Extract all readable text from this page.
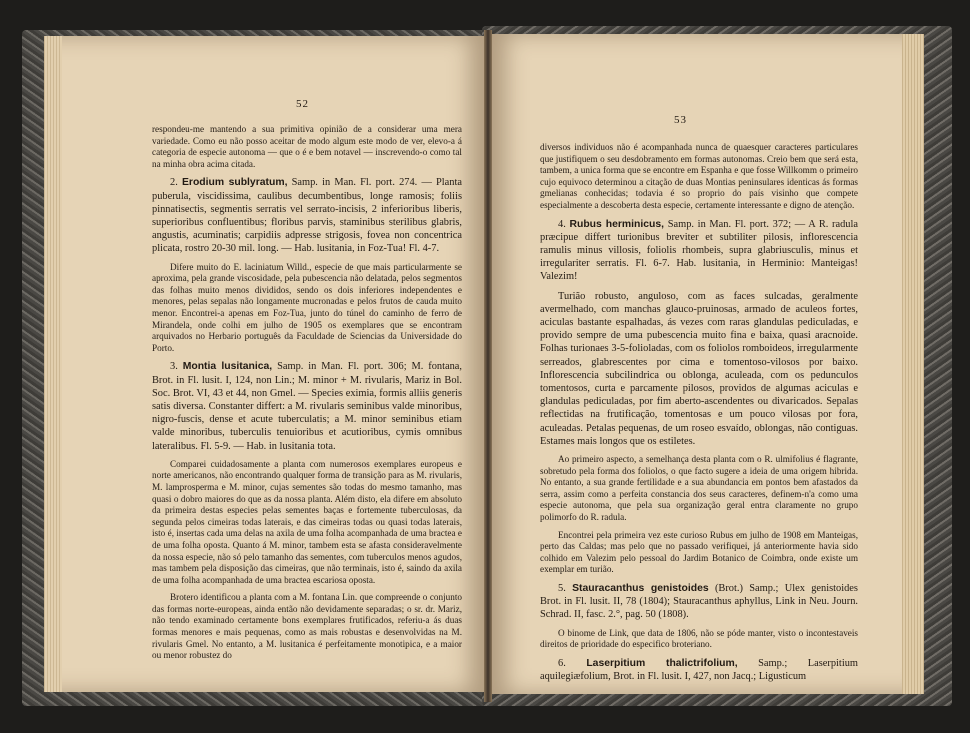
52

respondeu-me mantendo a sua primitiva opinião de a considerar uma mera variedade. Como eu não posso aceitar de modo algum este modo de ver, elevo-a á categoria de especie autonoma — que o é e bem notavel — inscrevendo-o como tal na minha obra acima citada.

2. Erodium sublyratum, Samp. in Man. Fl. port. 274. — Planta puberula, viscidissima, caulibus decumbentibus, longe ramosis; foliis pinnatisectis, segmentis serratis vel serrato-incisis, 2 inferioribus liberis, superioribus confluentibus; floribus parvis, staminibus sterilibus glabris, angustis, acuminatis; carpidiis adpresse strigosis, fovea non concentrica plicata, rostro 20-30 mil. long. — Hab. lusitania, in Foz-Tua! Fl. 4-7.

Difere muito do E. laciniatum Willd., especie de que mais particularmente se aproxima, pela grande viscosidade, pela pubescencia não delatada, pelos segmentos das folhas muito menos divididos, sendo os dois inferiores independentes e menores, pelas sepalas não longamente mucronadas e pelos frutos de cauda muito menor. Encontrei-a apenas em Foz-Tua, junto do túnel do caminho de ferro de Mirandela, onde colhi em julho de 1905 os exemplares que se encontram arquivados no Herbario português da Faculdade de Sciencias da Universidade do Porto.

3. Montia lusitanica, Samp. in Man. Fl. port. 306; M. fontana, Brot. in Fl. lusit. I, 124, non Lin.; M. minor + M. rivularis, Mariz in Bol. Soc. Brot. VI, 43 et 44, non Gmel. — Species eximia, formis alliis generis satis diversa. Constanter differt: a M. rivularis seminibus valde minoribus, nigro-fuscis, dense et acute tuberculatis; a M. minor seminibus etiam valde minoribus, tuberculis tenuioribus et acutioribus, cymis omnibus lateralibus. Fl. 5-9. — Hab. in lusitania tota.

Comparei cuidadosamente a planta com numerosos exemplares europeus e norte americanos, não encontrando qualquer forma de transição para as M. rivularis, M. lamprosperma e M. minor, cujas sementes são todas do mesmo tamanho, mas quasi o dobro maiores do que as da nossa planta. Além disto, ela difere em absoluto da primeira destas especies pelas sementes baças e fortemente tuberculosas, da segunda pelos cimeiras todas laterais, e das cimeiras todas ou quasi todas laterais, isto é, insertas cada uma delas na axila de uma folha acompanhada de uma bractea e de uma folha oposta. Quanto á M. minor, tambem esta se afasta consideravelmente da nossa especie, não só pelo tamanho das sementes, com tuberculos menos agudos, mas tambem pela disposição das cimeiras, que não terminais, isto é, saindo da axila de uma folha acompanhada de uma bractea escariosa oposta.

Brotero identificou a planta com a M. fontana Lin. que compreende o conjunto das formas norte-europeas, ainda então não devidamente separadas; o sr. dr. Mariz, não tendo examinado certamente bons exemplares frutificados, referiu-a ás duas formas menores e mais pequenas, como as mais robustas e desenvolvidas na M. rivularis Gmel. No entanto, a M. lusitanica é perfeitamente monotipica, e a maior ou menor robustez do

53

diversos individuos não é acompanhada nunca de quaesquer caracteres particulares que justifiquem o seu desdobramento em formas autonomas. Creio bem que será esta, tambem, a unica forma que se encontre em Espanha e que fosse Willkomm o primeiro cujo equivoco determinou a citação de duas Montias peninsulares identicas ás formas gmelianas conhecidas; todavia é so proprio do país visinho que compete especialmente a descoberta desta especie, certamente interessante e digno de atenção.

4. Rubus herminicus, Samp. in Man. Fl. port. 372; — A R. radula præcipue differt turionibus breviter et subtiliter pilosis, inflorescencia ramulis minus villosis, foliolis rhombeis, supra glabriusculis, minus et irregulariter serratis. Fl. 6-7. Hab. lusitania, in Herminio: Manteigas! Valezim!

Turião robusto, anguloso, com as faces sulcadas, geralmente avermelhado, com manchas glauco-pruinosas, armado de aculeos fortes, aciculas bastante espalhadas, ás vezes com raras glandulas pediculadas, e provido sempre de uma pubescencia muito fina e baixa, quasi aracnoide. Folhas turionaes 3-5-folioladas, com os foliolos romboideos, irregularmente serreados, glabrescentes por cima e tomentoso-vilosos por baixo. Inflorescencia subcilindrica ou oblonga, aculeada, com os pedunculos tomentosos, curta e parcamente pilosos, providos de algumas aciculas e glandulas pediculadas, por fim aberto-ascendentes ou divaricados. Sepalas reflectidas na frutificação, tomentosas e um pouco vilosas por fora, aculeadas. Petalas pequenas, de um roseo esvaído, oblongas, não contiguas. Estames mais longos que os estiletes.

Ao primeiro aspecto, a semelhança desta planta com o R. ulmifolius é flagrante, sobretudo pela forma dos foliolos, o que facto sugere a ideia de uma origem hibrida. No entanto, a sua grande fertilidade e a sua abundancia em pontos bem afastados da serra, assim como a perfeita constancia dos seus caracteres, definem-n'a como uma especie autonoma, que pela sua organização geral entra claramente no grupo polimorfo do R. radula.

Encontrei pela primeira vez este curioso Rubus em julho de 1908 em Manteigas, perto das Caldas; mas pelo que no passado verifiquei, já anteriormente havia sido colhido em Valezim pelo pessoal do Jardim Botanico de Coimbra, onde existe um exemplar em turião.

5. Stauracanthus genistoides (Brot.) Samp.; Ulex genistoides Brot. in Fl. lusit. II, 78 (1804); Stauracanthus aphyllus, Link in Neu. Journ. Schrad. II, fasc. 2.°, pag. 50 (1808).

O binome de Link, que data de 1806, não se póde manter, visto o incontestaveis direitos de prioridade do especifico broteriano.

6. Laserpitium thalictrifolium, Samp.; Laserpitium aquilegiæfolium, Brot. in Fl. lusit. I, 427, non Jacq.; Ligusticum
